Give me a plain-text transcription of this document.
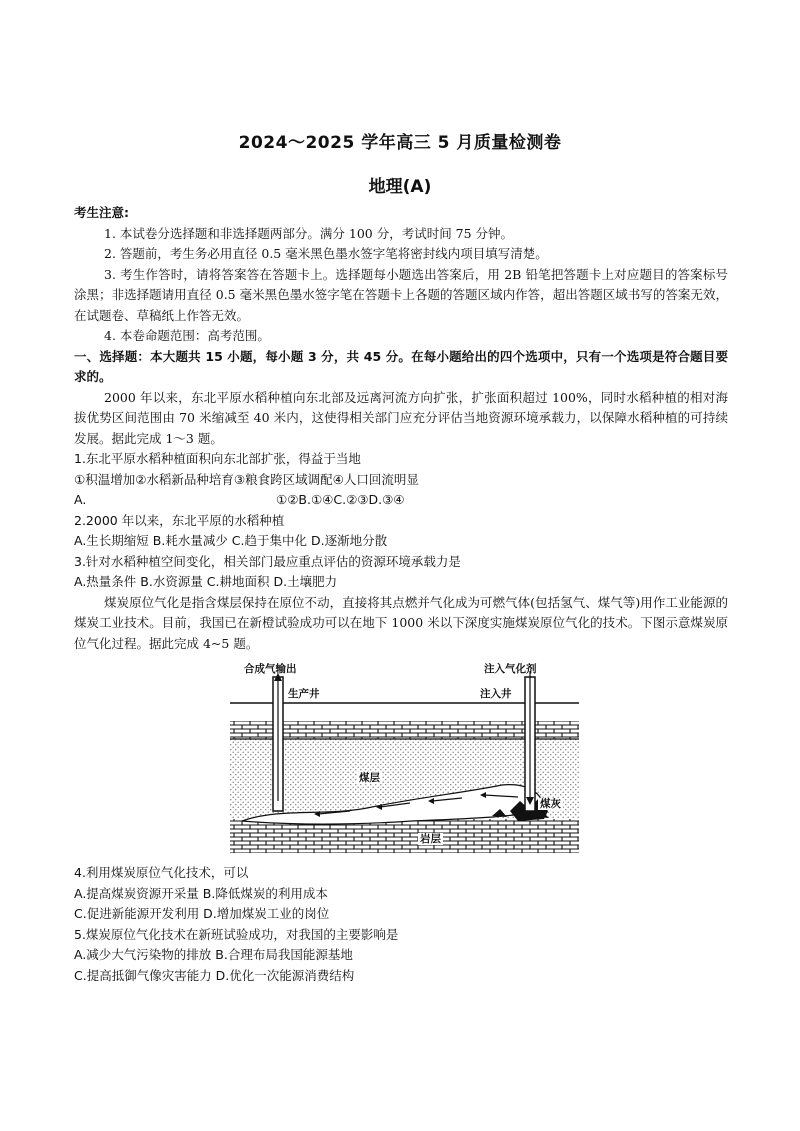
2024～2025 学年高三 5 月质量检测卷
地理(A)

考生注意:

1. 本试卷分选择题和非选择题两部分。满分 100 分，考试时间 75 分钟。

2. 答题前，考生务必用直径 0.5 毫米黑色墨水签字笔将密封线内项目填写清楚。

3. 考生作答时，请将答案答在答题卡上。选择题每小题选出答案后，用 2B 铅笔把答题卡上对应题目的答案标号涂黑；非选择题请用直径 0.5 毫米黑色墨水签字笔在答题卡上各题的答题区域内作答，超出答题区域书写的答案无效，在试题卷、草稿纸上作答无效。

4. 本卷命题范围：高考范围。

一、选择题：本大题共 15 小题，每小题 3 分，共 45 分。在每小题给出的四个选项中，只有一个选项是符合题目要求的。

2000 年以来，东北平原水稻种植向东北部及远离河流方向扩张，扩张面积超过 100%，同时水稻种植的相对海拔优势区间范围由 70 米缩减至 40 米内，这使得相关部门应充分评估当地资源环境承载力，以保障水稻种植的可持续发展。据此完成 1～3 题。

1.东北平原水稻种植面积向东北部扩张，得益于当地

①积温增加②水稻新品种培育③粮食跨区域调配④人口回流明显

A.	①②B.①④C.②③D.③④

2.2000 年以来，东北平原的水稻种植

A.生长期缩短 B.耗水量减少 C.趋于集中化 D.逐渐地分散

3.针对水稻种植空间变化，相关部门最应重点评估的资源环境承载力是

A.热量条件 B.水资源量 C.耕地面积 D.土壤肥力

煤炭原位气化是指含煤层保持在原位不动，直接将其点燃并气化成为可燃气体(包括氢气、煤气等)用作工业能源的煤炭工业技术。目前，我国已在新橙试验成功可以在地下 1000 米以下深度实施煤炭原位气化的技术。下图示意煤炭原位气化过程。据此完成 4~5 题。

合成气输出	注入气化剂
生产井	注入井
煤层
煤灰
岩层

4.利用煤炭原位气化技术，可以

A.提高煤炭资源开采量 B.降低煤炭的利用成本

C.促进新能源开发利用 D.增加煤炭工业的岗位

5.煤炭原位气化技术在新班试验成功，对我国的主要影响是

A.减少大气污染物的排放 B.合理布局我国能源基地

C.提高抵御气像灾害能力 D.优化一次能源消费结构
